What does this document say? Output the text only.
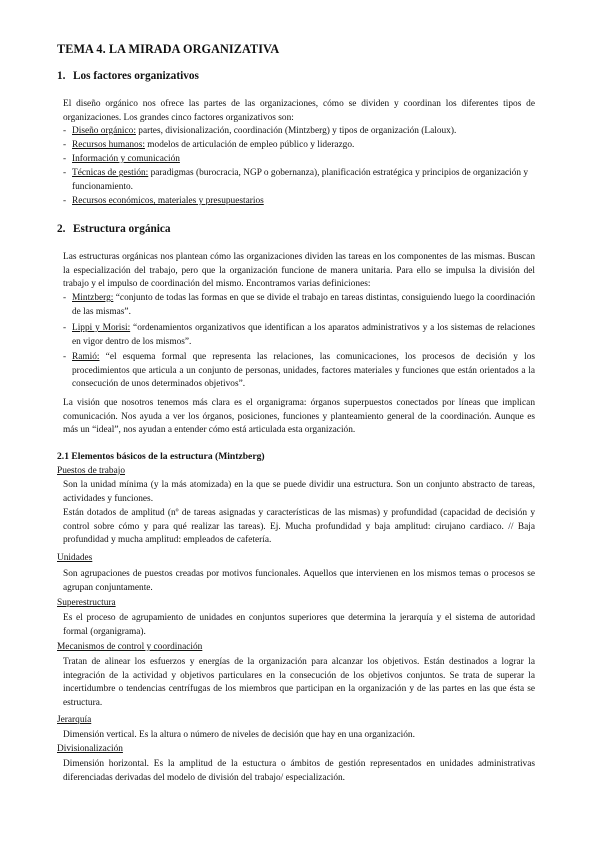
TEMA 4. LA MIRADA ORGANIZATIVA
1. Los factores organizativos
El diseño orgánico nos ofrece las partes de las organizaciones, cómo se dividen y coordinan los diferentes tipos de organizaciones. Los grandes cinco factores organizativos son:
- Diseño orgánico: partes, divisionalización, coordinación (Mintzberg) y tipos de organización (Laloux).
- Recursos humanos: modelos de articulación de empleo público y liderazgo.
- Información y comunicación
- Técnicas de gestión: paradigmas (burocracia, NGP o gobernanza), planificación estratégica y principios de organización y funcionamiento.
- Recursos económicos, materiales y presupuestarios
2. Estructura orgánica
Las estructuras orgánicas nos plantean cómo las organizaciones dividen las tareas en los componentes de las mismas. Buscan la especialización del trabajo, pero que la organización funcione de manera unitaria. Para ello se impulsa la división del trabajo y el impulso de coordinación del mismo. Encontramos varias definiciones:
- Mintzberg: “conjunto de todas las formas en que se divide el trabajo en tareas distintas, consiguiendo luego la coordinación de las mismas”.
- Lippi y Morisi: “ordenamientos organizativos que identifican a los aparatos administrativos y a los sistemas de relaciones en vigor dentro de los mismos”.
- Ramió: “el esquema formal que representa las relaciones, las comunicaciones, los procesos de decisión y los procedimientos que articula a un conjunto de personas, unidades, factores materiales y funciones que están orientados a la consecución de unos determinados objetivos”.
La visión que nosotros tenemos más clara es el organigrama: órganos superpuestos conectados por líneas que implican comunicación. Nos ayuda a ver los órganos, posiciones, funciones y planteamiento general de la coordinación. Aunque es más un “ideal”, nos ayudan a entender cómo está articulada esta organización.
2.1 Elementos básicos de la estructura (Mintzberg)
Puestos de trabajo
Son la unidad mínima (y la más atomizada) en la que se puede dividir una estructura. Son un conjunto abstracto de tareas, actividades y funciones.
Están dotados de amplitud (nº de tareas asignadas y características de las mismas) y profundidad (capacidad de decisión y control sobre cómo y para qué realizar las tareas). Ej. Mucha profundidad y baja amplitud: cirujano cardiaco. // Baja profundidad y mucha amplitud: empleados de cafetería.
Unidades
Son agrupaciones de puestos creadas por motivos funcionales. Aquellos que intervienen en los mismos temas o procesos se agrupan conjuntamente.
Superestructura
Es el proceso de agrupamiento de unidades en conjuntos superiores que determina la jerarquía y el sistema de autoridad formal (organigrama).
Mecanismos de control y coordinación
Tratan de alinear los esfuerzos y energías de la organización para alcanzar los objetivos. Están destinados a lograr la integración de la actividad y objetivos particulares en la consecución de los objetivos conjuntos. Se trata de superar la incertidumbre o tendencias centrífugas de los miembros que participan en la organización y de las partes en las que ésta se estructura.
Jerarquía
Dimensión vertical. Es la altura o número de niveles de decisión que hay en una organización.
Divisionalización
Dimensión horizontal. Es la amplitud de la estuctura o ámbitos de gestión representados en unidades administrativas diferenciadas derivadas del modelo de división del trabajo/ especialización.
